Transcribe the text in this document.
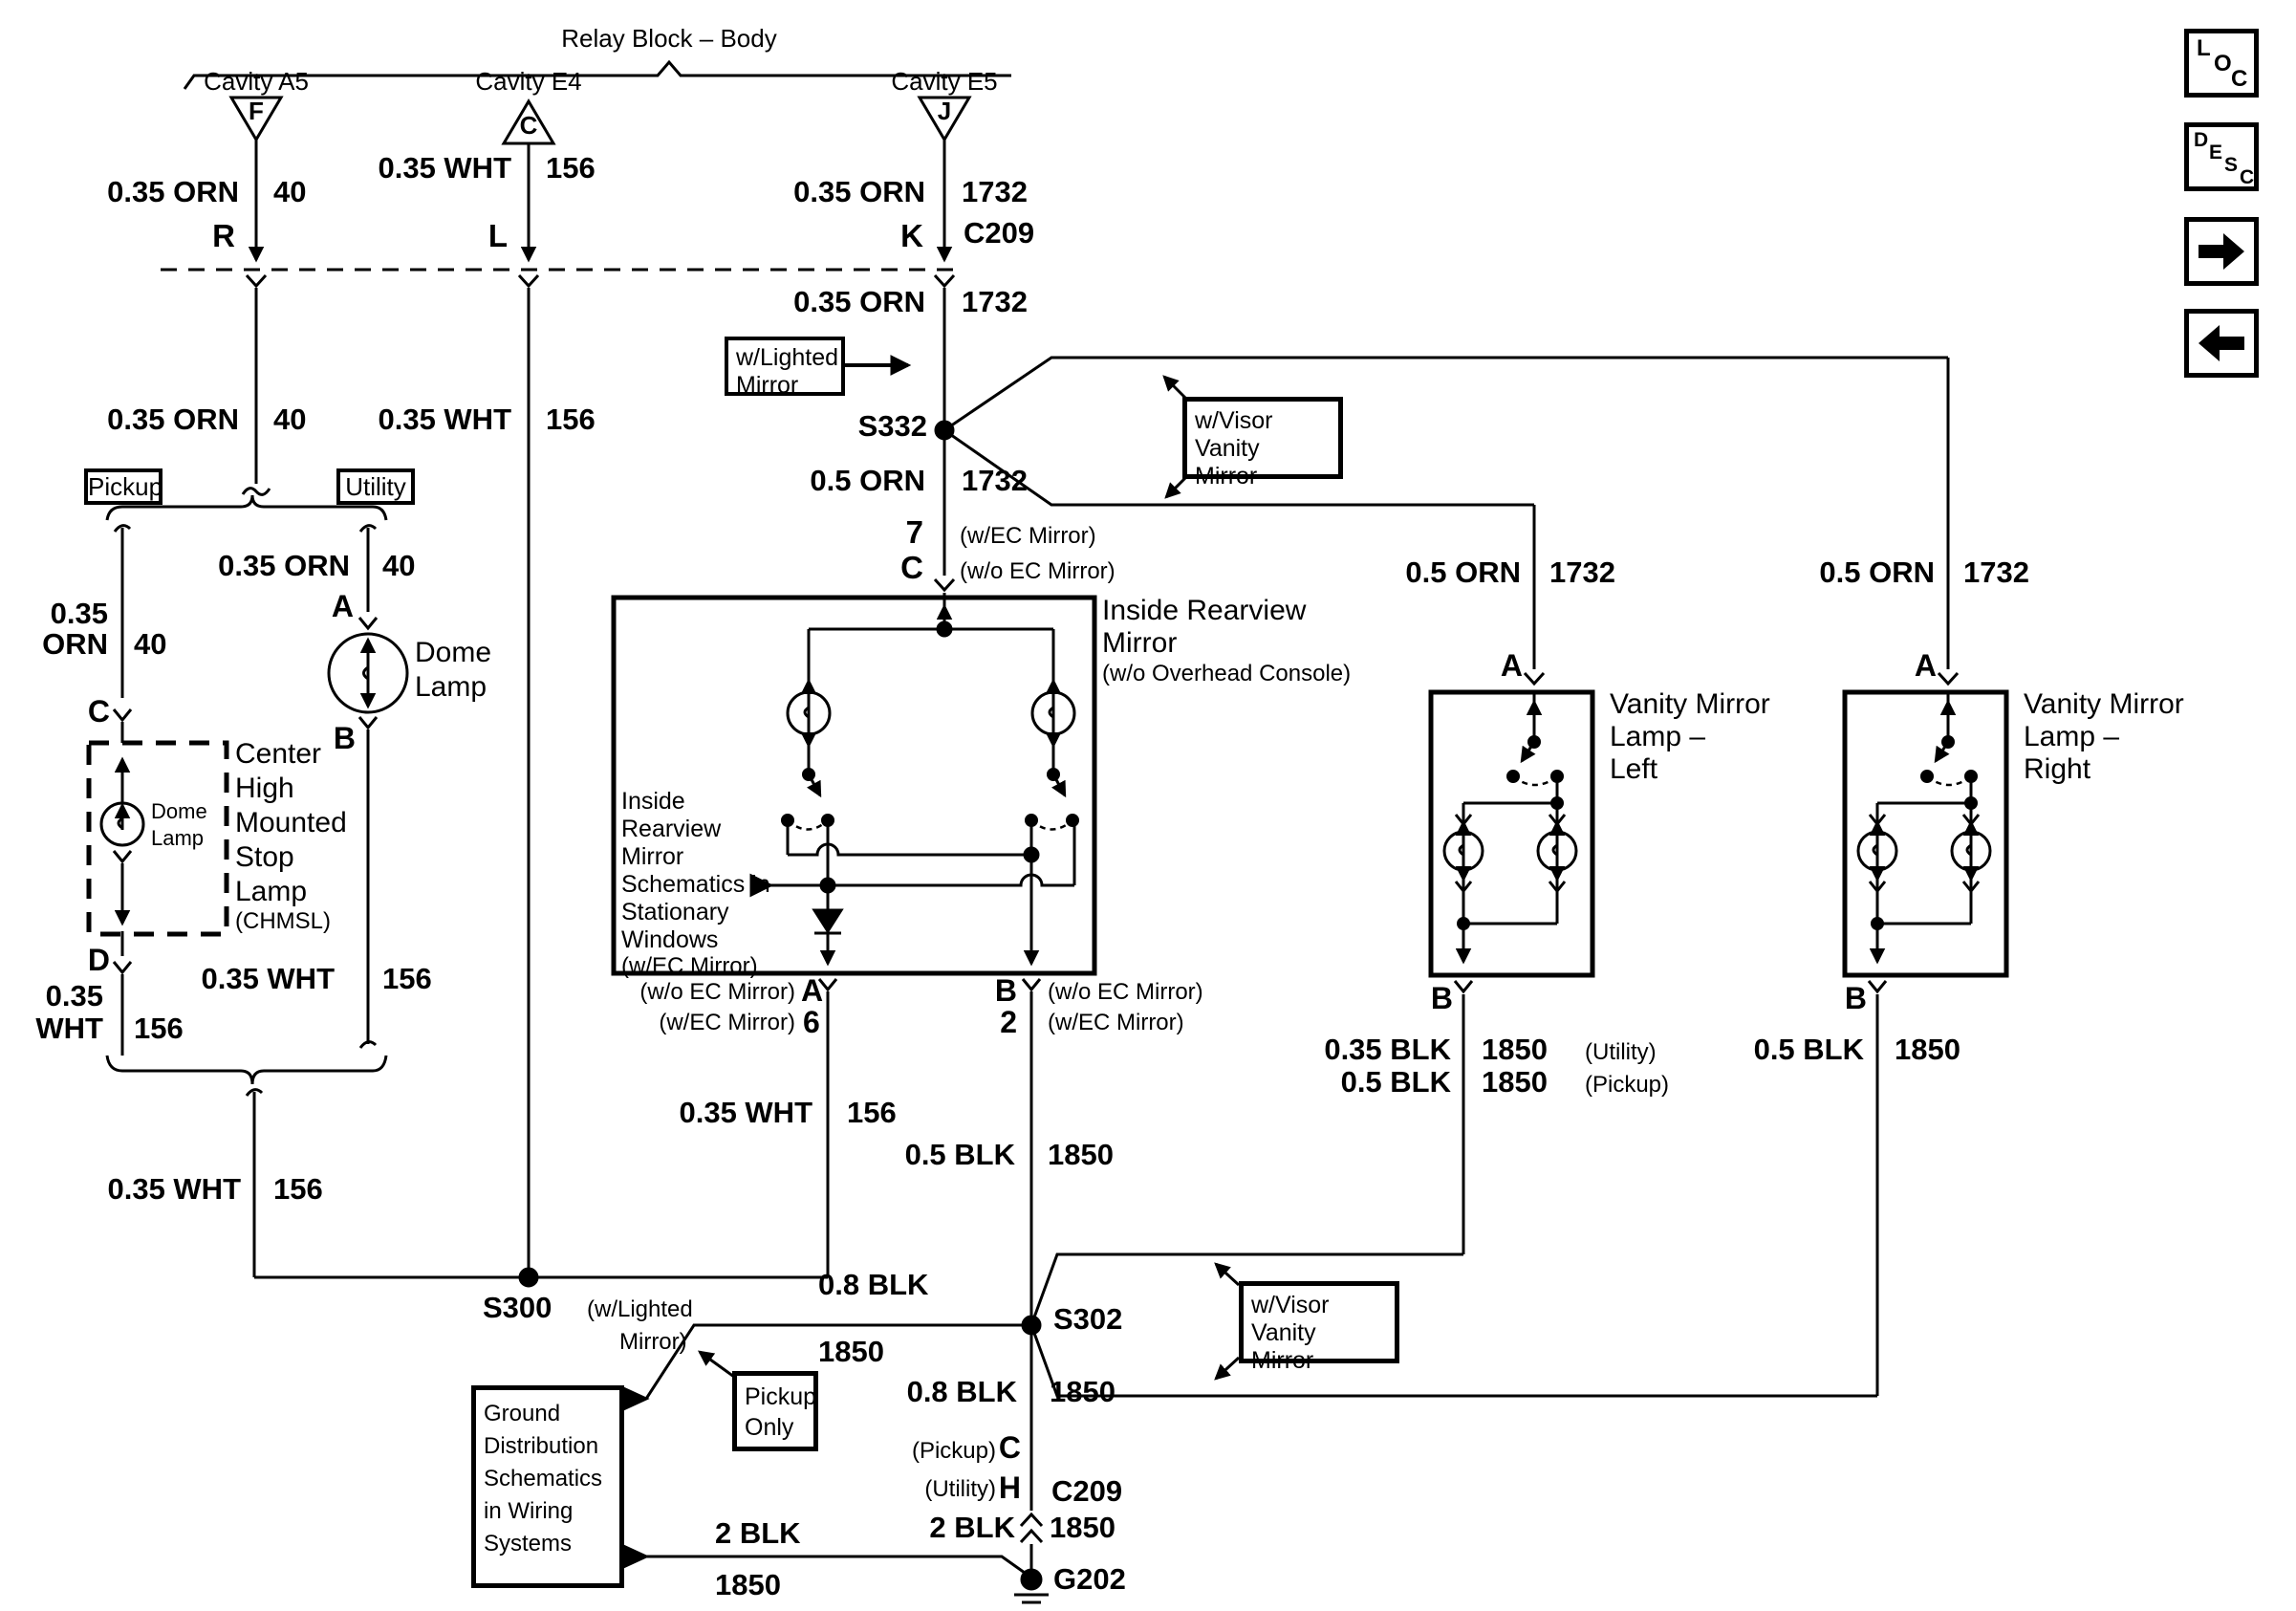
Pickup	Utility
w/Lighted
Mirror
w/Visor Vanity
Mirror
w/Visor Vanity
Mirror
Pickup
Only
Ground
Distribution
Schematics
in Wiring
Systems
L
O
C
D
E
S
C
Relay Block – Body
Cavity A5
F
Cavity E4
C
Cavity E5
J
0.35 ORN 40
0.35 WHT 156
0.35 ORN 1732
R	L	K C209
0.35 ORN 1732
0.35 ORN 40 0.35 WHT 156	S332
0.5 ORN 1732
7 (w/EC Mirror)
C (w/o EC Mirror)
Inside Rearview
Mirror
(w/o Overhead Console)
Inside
Rearview
Mirror
Schematics in
Stationary
Windows
(w/EC Mirror)
(w/o EC Mirror) A
(w/EC Mirror) 6
B (w/o EC Mirror)
2 (w/EC Mirror)
0.35 WHT 156
0.5 BLK 1850
0.5 ORN 1732	0.5 ORN 1732
A	A
Vanity Mirror
Lamp –
Left
Vanity Mirror
Lamp –
Right
B	B
0.35 BLK 1850 (Utility)
0.5 BLK 1850 (Pickup)
0.5 BLK 1850
0.35
ORN 40
C
Dome
Lamp
Center
High
Mounted
Stop
Lamp
(CHMSL)
D
0.35
WHT 156
0.35 ORN 40
A
Dome
Lamp
B
0.35 WHT 156
0.35 WHT 156
S300 (w/Lighted
Mirror)
0.8 BLK
1850
S302
0.8 BLK 1850
(Pickup) C
(Utility) H C209
2 BLK 1850
2 BLK
1850	G202
